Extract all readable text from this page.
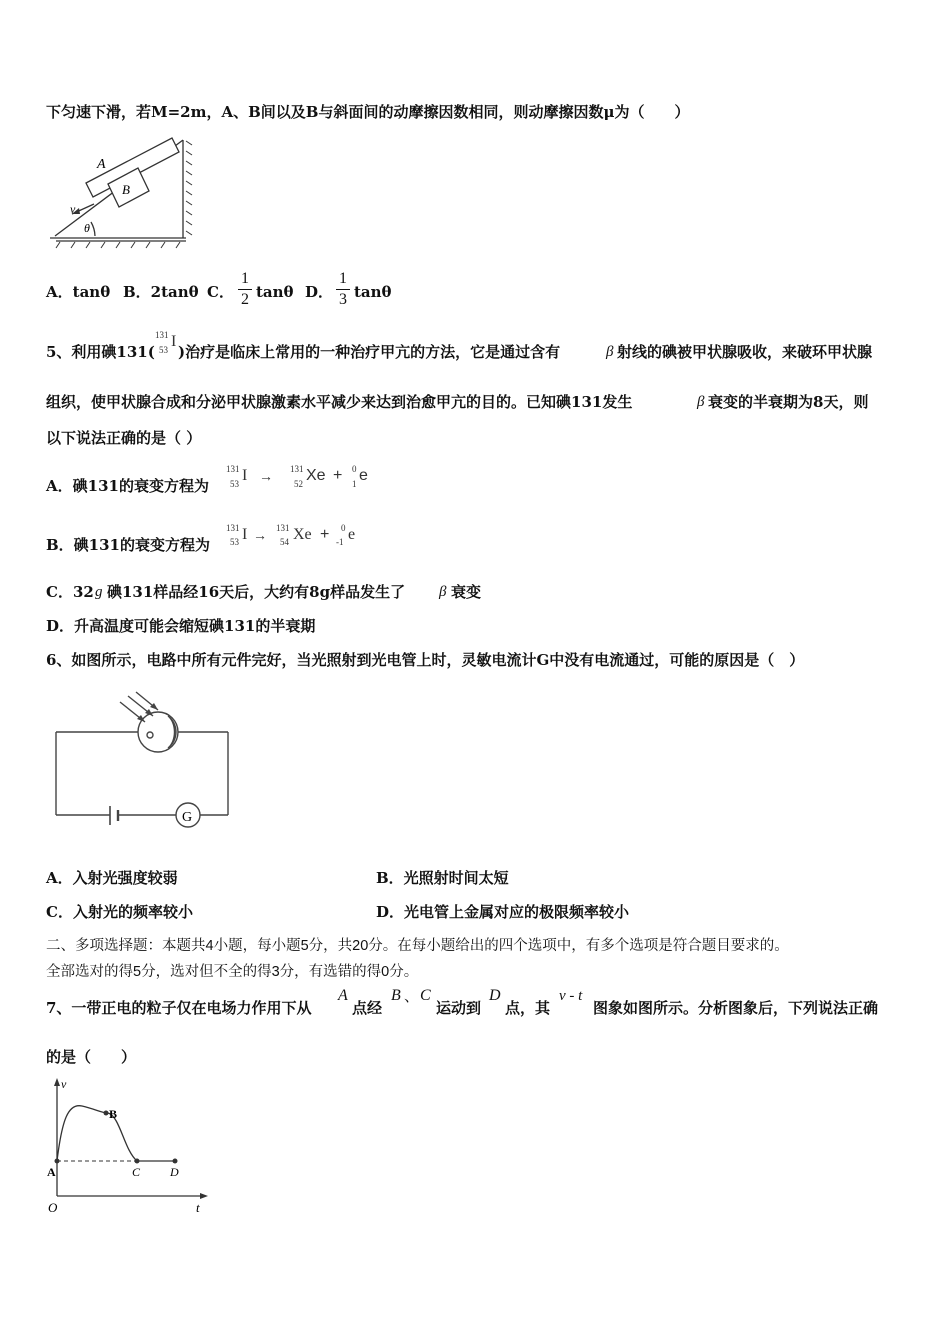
下匀速下滑，若M=2m，A、B间以及B与斜面间的动摩擦因数相同，则动摩擦因数μ为（　　）
A
B
v
θ
A．tanθ B．2tanθ C．
1
2 tanθ D．
1
3 tanθ
5、利用碘131(
131
53 I
)治疗是临床上常用的一种治疗甲亢的方法，它是通过含有	β 射线的碘被甲状腺吸收，来破环甲状腺
组织，使甲状腺合成和分泌甲状腺激素水平减少来达到治愈甲亢的目的。已知碘131发生	β 衰变的半衰期为8天，则
以下说法正确的是（ ）
A．碘131的衰变方程为
131
53 I → 131
52 Xe + 0
1 e
B．碘131的衰变方程为
131
53 I → 131
54 Xe + 0
-1 e
C．32 g 碘131样品经16天后，大约有8g样品发生了 β 衰变
D．升高温度可能会缩短碘131的半衰期
6、如图所示，电路中所有元件完好，当光照射到光电管上时，灵敏电流计G中没有电流通过，可能的原因是（　）
G
A．入射光强度较弱	B．光照射时间太短
C．入射光的频率较小	D．光电管上金属对应的极限频率较小
二、多项选择题：本题共4小题，每小题5分，共20分。在每小题给出的四个选项中，有多个选项是符合题目要求的。
全部选对的得5分，选对但不全的得3分，有选错的得0分。
7、一带正电的粒子仅在电场力作用下从
A
点经
B 、 C
运动到
D
点，其
v - t
图象如图所示。分析图象后，下列说法正确
的是（　　）
v
t
O
A
B
C D
